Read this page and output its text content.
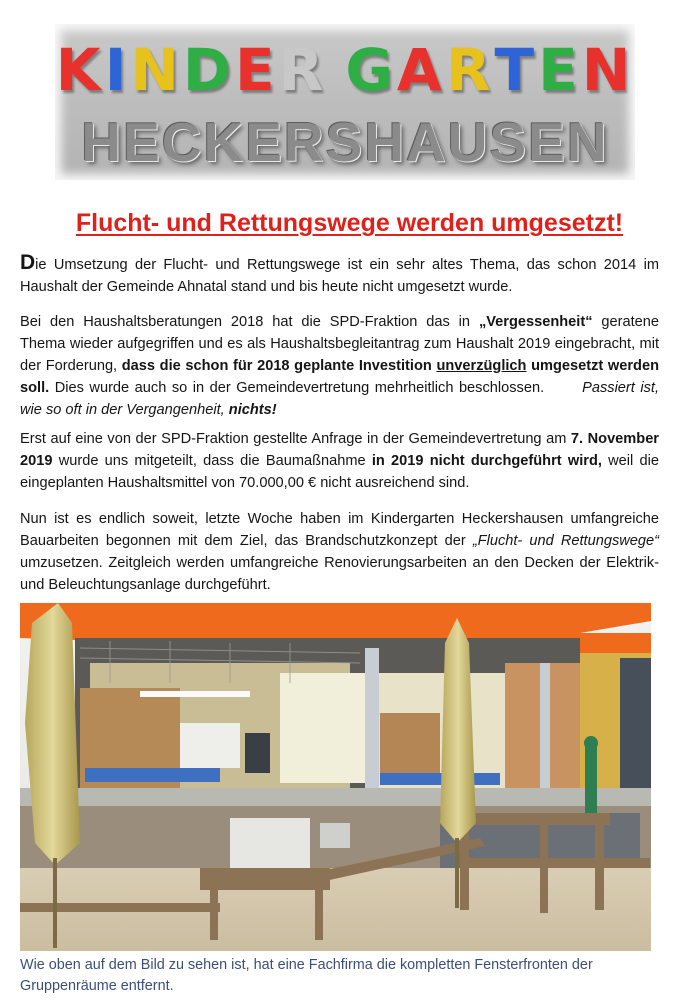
K I N D E R G A R T E N
HECKERSHAUSEN
Flucht- und Rettungswege werden umgesetzt!

Die Umsetzung der Flucht- und Rettungswege ist ein sehr altes Thema, das schon 2014 im Haushalt der Gemeinde Ahnatal stand und bis heute nicht umgesetzt wurde.

Bei den Haushaltsberatungen 2018 hat die SPD-Fraktion das in „Vergessenheit“ geratene Thema wieder aufgegriffen und es als Haushaltsbegleitantrag zum Haushalt 2019 eingebracht, mit der Forderung, dass die schon für 2018 geplante Investition unverzüglich umgesetzt werden soll. Dies wurde auch so in der Gemeindevertretung mehrheitlich beschlossen.	Passiert ist, wie so oft in der Vergangenheit, nichts!

Erst auf eine von der SPD-Fraktion gestellte Anfrage in der Gemeindevertretung am 7. November 2019 wurde uns mitgeteilt, dass die Baumaßnahme in 2019 nicht durchgeführt wird, weil die eingeplanten Haushaltsmittel von 70.000,00 € nicht ausreichend sind.

Nun ist es endlich soweit, letzte Woche haben im Kindergarten Heckershausen umfangreiche Bauarbeiten begonnen mit dem Ziel, das Brandschutzkonzept der „Flucht- und Rettungswege“ umzusetzen. Zeitgleich werden umfangreiche Renovierungsarbeiten an den Decken der Elektrik- und Beleuchtungsanlage durchgeführt.

Wie oben auf dem Bild zu sehen ist, hat eine Fachfirma die kompletten Fensterfronten der Gruppenräume entfernt.
